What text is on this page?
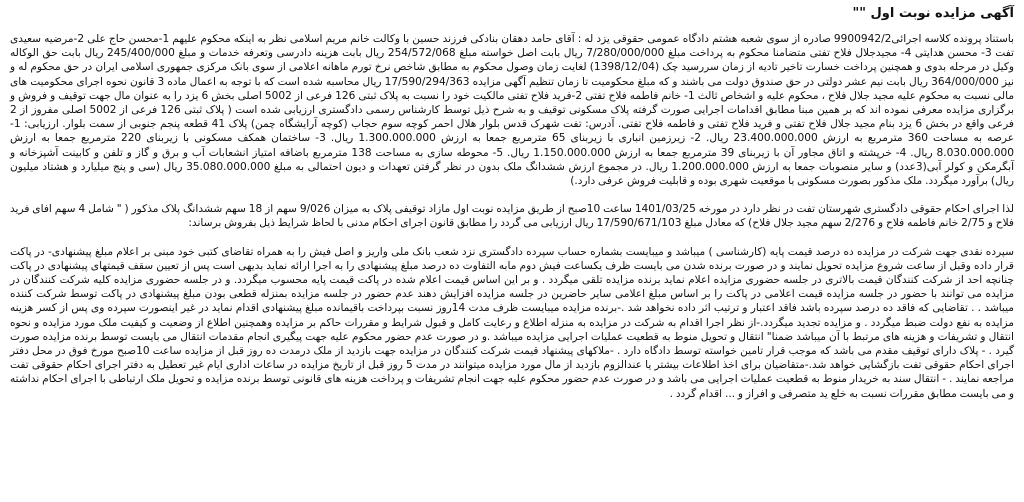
آگهی مزایده نوبت اول ""

باستناد پرونده کلاسه اجرائی9900942/2 صادره از سوی شعبه هشتم دادگاه عمومی حقوقی یزد له : آقای حامد دهقان بنادکی فرزند حسین با وکالت خانم مریم اسلامی نظر به اینکه محکوم علیهم 1-محسن حاج علی 2-مرضیه سعیدی تفت 3- محسن هدایتی 4- مجیدجلال فلاح تفتی متضامنا محکوم به پرداخت مبلغ 7/280/000/000 ریال بابت اصل خواسته مبلغ 254/572/068 ریال بابت هزینه دادرسی وتعرفه خدمات و مبلغ 245/400/000 ریال بابت حق الوکاله وکیل در مرحله بدوی و همچنین پرداخت خسارت تاخیر تادیه از زمان سررسید چک (1398/12/04) لغایت زمان وصول محکوم به مطابق شاخص نرخ تورم ماهانه اعلامی از سوی بانک مرکزی جمهوری اسلامی ایران در حق محکوم له و نیز 364/000/000 ریال بابت نیم عشر دولتی در حق صندوق دولت می باشند و که مبلغ محکومیت تا زمان تنظیم آگهی مزایده 17/590/294/363 ریال محاسبه شده است که با توجه به اعمال ماده 3 قانون نحوه اجرای محکومیت های مالی نسبت به محکوم علیه مجید جلال فلاح ، محکوم علیه و اشخاص ثالث 1- خانم فاطمه فلاح تفتی 2-فرید فلاح تفتی مالکیت خود را نسبت به پلاک ثبتی 126 فرعی از 5002 اصلی بخش 6 یزد را به عنوان مال جهت توقیف و فروش و برگزاری مزایده معرفی نموده اند که بر همین مبنا مطابق اقدامات اجرایی صورت گرفته پلاک مسکونی توقیف و به شرح ذیل توسط کارشناس رسمی دادگستری ارزیابی شده است ( پلاک ثبتی 126 فرعی از 5002 اصلی مفروز از 2 فرعی واقع در بخش 6 یزد بنام مجید جلال فلاح تفتی و فرید فلاح تفتی و فاطمه فلاح تفتی. آدرس: تفت شهرک قدس بلوار هلال احمر کوچه سوم حجاب (کوچه آرایشگاه چمن) پلاک 41 قطعه پنجم جنوبی از سمت بلوار. ارزیابی: 1- عرصه به مساحت 360 مترمربع به ارزش 23.400.000.000 ریال. 2- زیرزمین انباری با زیربنای 65 مترمربع جمعا به ارزش 1.300.000.000 ریال. 3- ساختمان همکف مسکونی با زیربنای 220 مترمربع جمعا به ارزش 8.030.000.000 ریال. 4- خرپشته و اتاق مجاور آن با زیربنای 39 مترمربع جمعا به ارزش 1.150.000.000 ریال. 5- محوطه سازی به مساحت 138 مترمربع باضافه امتیاز انشعابات آب و برق و گاز و تلفن و کابینت آشپزخانه و آبگرمکن و کولر آبی(3عدد) و سایر منصوبات جمعا به ارزش 1.200.000.000 ریال. در مجموع ارزش ششدانگ ملک بدون در نظر گرفتن تعهدات و دیون احتمالی به مبلغ 35.080.000.000 ریال (سی و پنج میلیارد و هشتاد میلیون ریال) برآورد میگردد. ملک مذکور بصورت مسکونی با موقعیت شهری بوده و قابلیت فروش عرفی دارد.)

لذا اجرای احکام حقوقی دادگستری شهرستان تفت در نظر دارد در مورخه 1401/03/25 ساعت 10صبح از طریق مزایده نوبت اول مازاد توقیفی پلاک به میزان 9/026 سهم از 18 سهم ششدانگ پلاک مذکور ( " شامل 4 سهم افای فرید فلاح و 2/75 خانم فاطمه فلاح و 2/276 سهم مجید جلال فلاح) که معادل مبلغ 17/590/671/103 ریال ارزیابی می گردد را مطابق قانون اجرای احکام مدنی با لحاظ شرایط ذیل بفروش برساند:

سپرده نقدی جهت شرکت در مزایده ده درصد قیمت پایه (کارشناسی ) میباشد و میبایست بشماره حساب سپرده دادگستری نزد شعب بانک ملی واریز و اصل فیش را به همراه تقاضای کتبی خود مبنی بر اعلام مبلغ پیشنهادی- در پاکت قرار داده وقبل از ساعت شروع مزایده تحویل نمایند و در صورت برنده شدن می بایست ظرف یکساعت فیش دوم مابه التفاوت ده درصد مبلغ پیشنهادی را به اجرا ارائه نماید بدیهی است پس از تعیین سقف قیمتهای پیشنهادی در پاکت چنانچه احد از شرکت کنندگان قیمت بالاتری در جلسه حضوری مزایده اعلام نماید برنده مزایده تلقی میگردد . و بر این اساس قیمت اعلام شده در پاکت قیمت پایه محسوب میگردد. و در جلسه حضوری مزایده کلیه شرکت کنندگان در مزایده می توانند با حضور در جلسه مزایده قیمت اعلامی در پاکت را بر اساس مبلغ اعلامی سایر حاضرین در جلسه مزایده افزایش دهند عدم حضور در جلسه مزایده بمنزله قطعی بودن مبلغ پیشنهادی در پاکت توسط شرکت کننده میباشد . . تقاضایی که فاقد ده درصد سپرده باشد فاقد اعتبار و ترتیب اثر داده نخواهد شد .-برنده مزایده میبایست ظرف مدت 14روز نسبت بپرداخت باقیمانده مبلغ پیشنهادی اقدام نماید در غیر اینصورت سپرده وی پس از کسر هزینه مزایده به نفع دولت ضبط میگردد . و مزایده تجدید میگردد.-از نظر اجرا اقدام به شرکت در مزایده به منزله اطلاع و رعایت کامل و قبول شرایط و مقررات حاکم بر مزایده وهمچنین اطلاع از وضعیت و کیفیت ملک مورد مزایده و نحوه انتقال و تشریفات و هزینه های مرتبط با آن میباشد ضمنا" انتقال و تحویل منوط به قطعیت عملیات اجرایی مزایده میباشد .و در صورت عدم حضور محکوم علیه جهت پیگیری انجام مقدمات انتقال می بایست توسط برنده مزایده صورت گیرد . - پلاک دارای توقیف مقدم می باشد که موجب قرار تامین خواسته توسط دادگاه دارد . -ملاکهای پیشنهاد قیمت شرکت کنندگان در مزایده جهت بازدید از ملک درمدت ده روز قبل از مزایده ساعت 10صبح مورخ فوق در محل دفتر اجرای احکام حقوقی تفت بازگشایی خواهد شد.-متقاضیان برای اخذ اطلاعات بیشتر یا عندالزوم بازدید از مال مورد مزایده میتوانند در مدت 5 روز قبل از تاریخ مزایده در ساعات اداری ایام غیر تعطیل به دفتر اجرای احکام حقوقی تفت مراجعه نمایند . - انتقال سند به خریدار منوط به قطعیت عملیات اجرایی می باشد و در صورت عدم حضور محکوم علیه جهت انجام تشریفات و پرداخت هزینه های قانونی توسط برنده مزایده و تحویل ملک ارتباطی با اجرای احکام نداشته و می بایست مطابق مقررات نسبت به خلع ید متصرفی و افراز و ... اقدام گردد .
